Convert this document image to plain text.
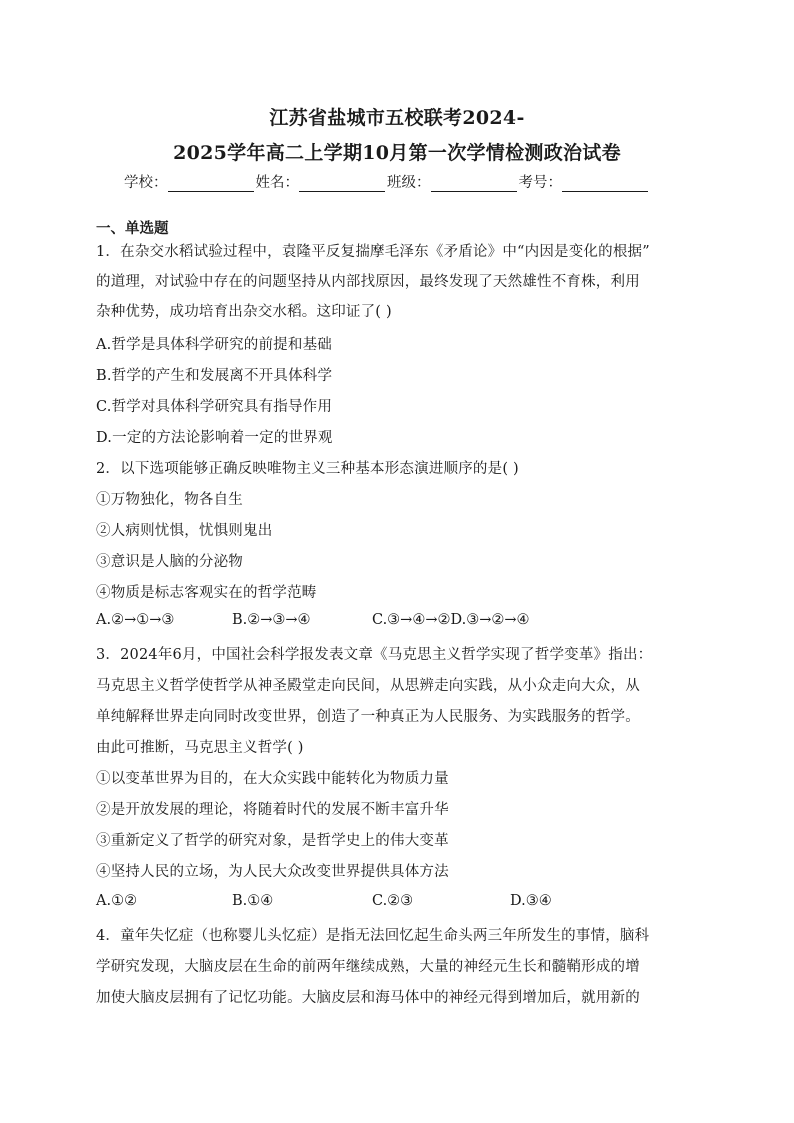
江苏省盐城市五校联考2024-
2025学年高二上学期10月第一次学情检测政治试卷
学校：	姓名：	班级：	考号：
一、单选题
1．在杂交水稻试验过程中，袁隆平反复揣摩毛泽东《矛盾论》中“内因是变化的根据”
的道理，对试验中存在的问题坚持从内部找原因，最终发现了天然雄性不育株，利用
杂种优势，成功培育出杂交水稻。这印证了( )
A.哲学是具体科学研究的前提和基础
B.哲学的产生和发展离不开具体科学
C.哲学对具体科学研究具有指导作用
D.一定的方法论影响着一定的世界观
2．以下选项能够正确反映唯物主义三种基本形态演进顺序的是( )
①万物独化，物各自生
②人病则忧惧，忧惧则鬼出
③意识是人脑的分泌物
④物质是标志客观实在的哲学范畴
A.②→①→③	B.②→③→④	C.③→④→②D.③→②→④
3．2024年6月，中国社会科学报发表文章《马克思主义哲学实现了哲学变革》指出：
马克思主义哲学使哲学从神圣殿堂走向民间，从思辨走向实践，从小众走向大众，从
单纯解释世界走向同时改变世界，创造了一种真正为人民服务、为实践服务的哲学。
由此可推断，马克思主义哲学( )
①以变革世界为目的，在大众实践中能转化为物质力量
②是开放发展的理论，将随着时代的发展不断丰富升华
③重新定义了哲学的研究对象，是哲学史上的伟大变革
④坚持人民的立场，为人民大众改变世界提供具体方法
A.①②	B.①④	C.②③	D.③④
4．童年失忆症（也称婴儿头忆症）是指无法回忆起生命头两三年所发生的事情，脑科
学研究发现，大脑皮层在生命的前两年继续成熟，大量的神经元生长和髓鞘形成的增
加使大脑皮层拥有了记忆功能。大脑皮层和海马体中的神经元得到增加后，就用新的
